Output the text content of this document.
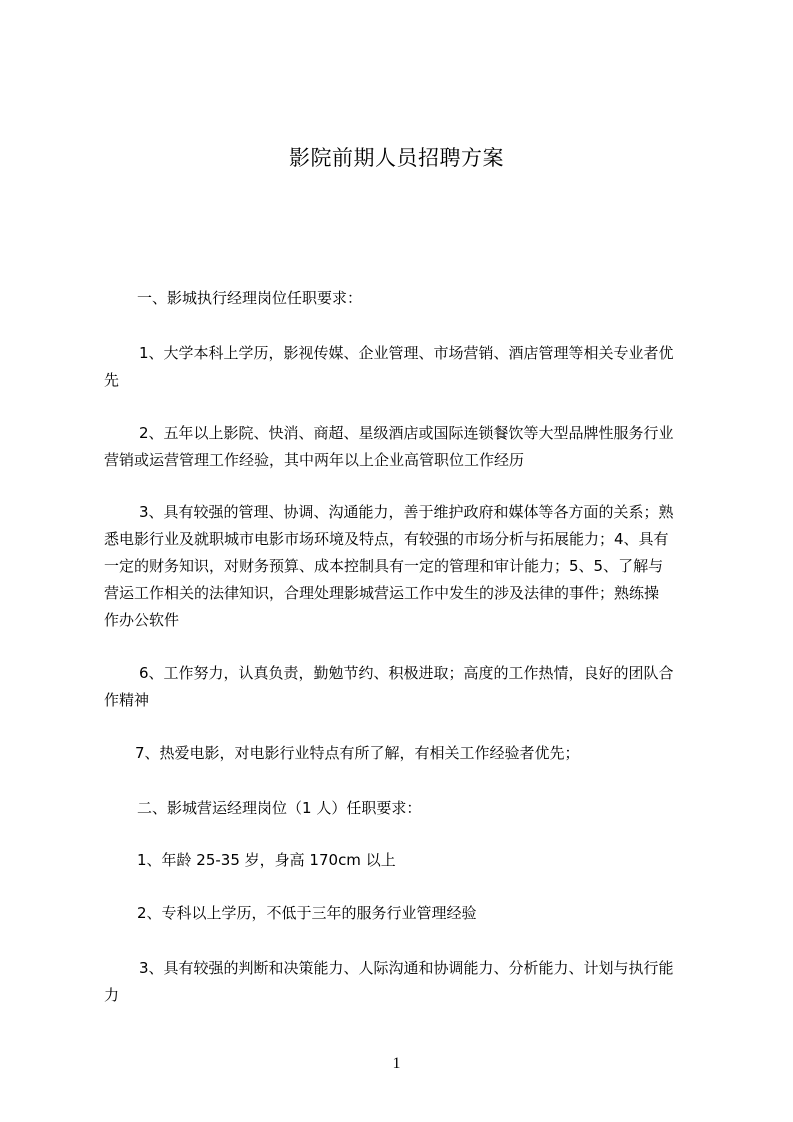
影院前期人员招聘方案

一、影城执行经理岗位任职要求：

1、大学本科上学历，影视传媒、企业管理、市场营销、酒店管理等相关专业者优
先
2、五年以上影院、快消、商超、星级酒店或国际连锁餐饮等大型品牌性服务行业
营销或运营管理工作经验，其中两年以上企业高管职位工作经历
3、具有较强的管理、协调、沟通能力，善于维护政府和媒体等各方面的关系；熟
悉电影行业及就职城市电影市场环境及特点，有较强的市场分析与拓展能力；4、具有
一定的财务知识，对财务预算、成本控制具有一定的管理和审计能力；5、5、了解与
营运工作相关的法律知识，合理处理影城营运工作中发生的涉及法律的事件；熟练操
作办公软件
6、工作努力，认真负责，勤勉节约、积极进取；高度的工作热情，良好的团队合
作精神
7、热爱电影，对电影行业特点有所了解，有相关工作经验者优先；

二、影城营运经理岗位（1 人）任职要求：

1、年龄 25-35 岁，身高 170cm 以上
2、专科以上学历，不低于三年的服务行业管理经验
3、具有较强的判断和决策能力、人际沟通和协调能力、分析能力、计划与执行能
力

1
